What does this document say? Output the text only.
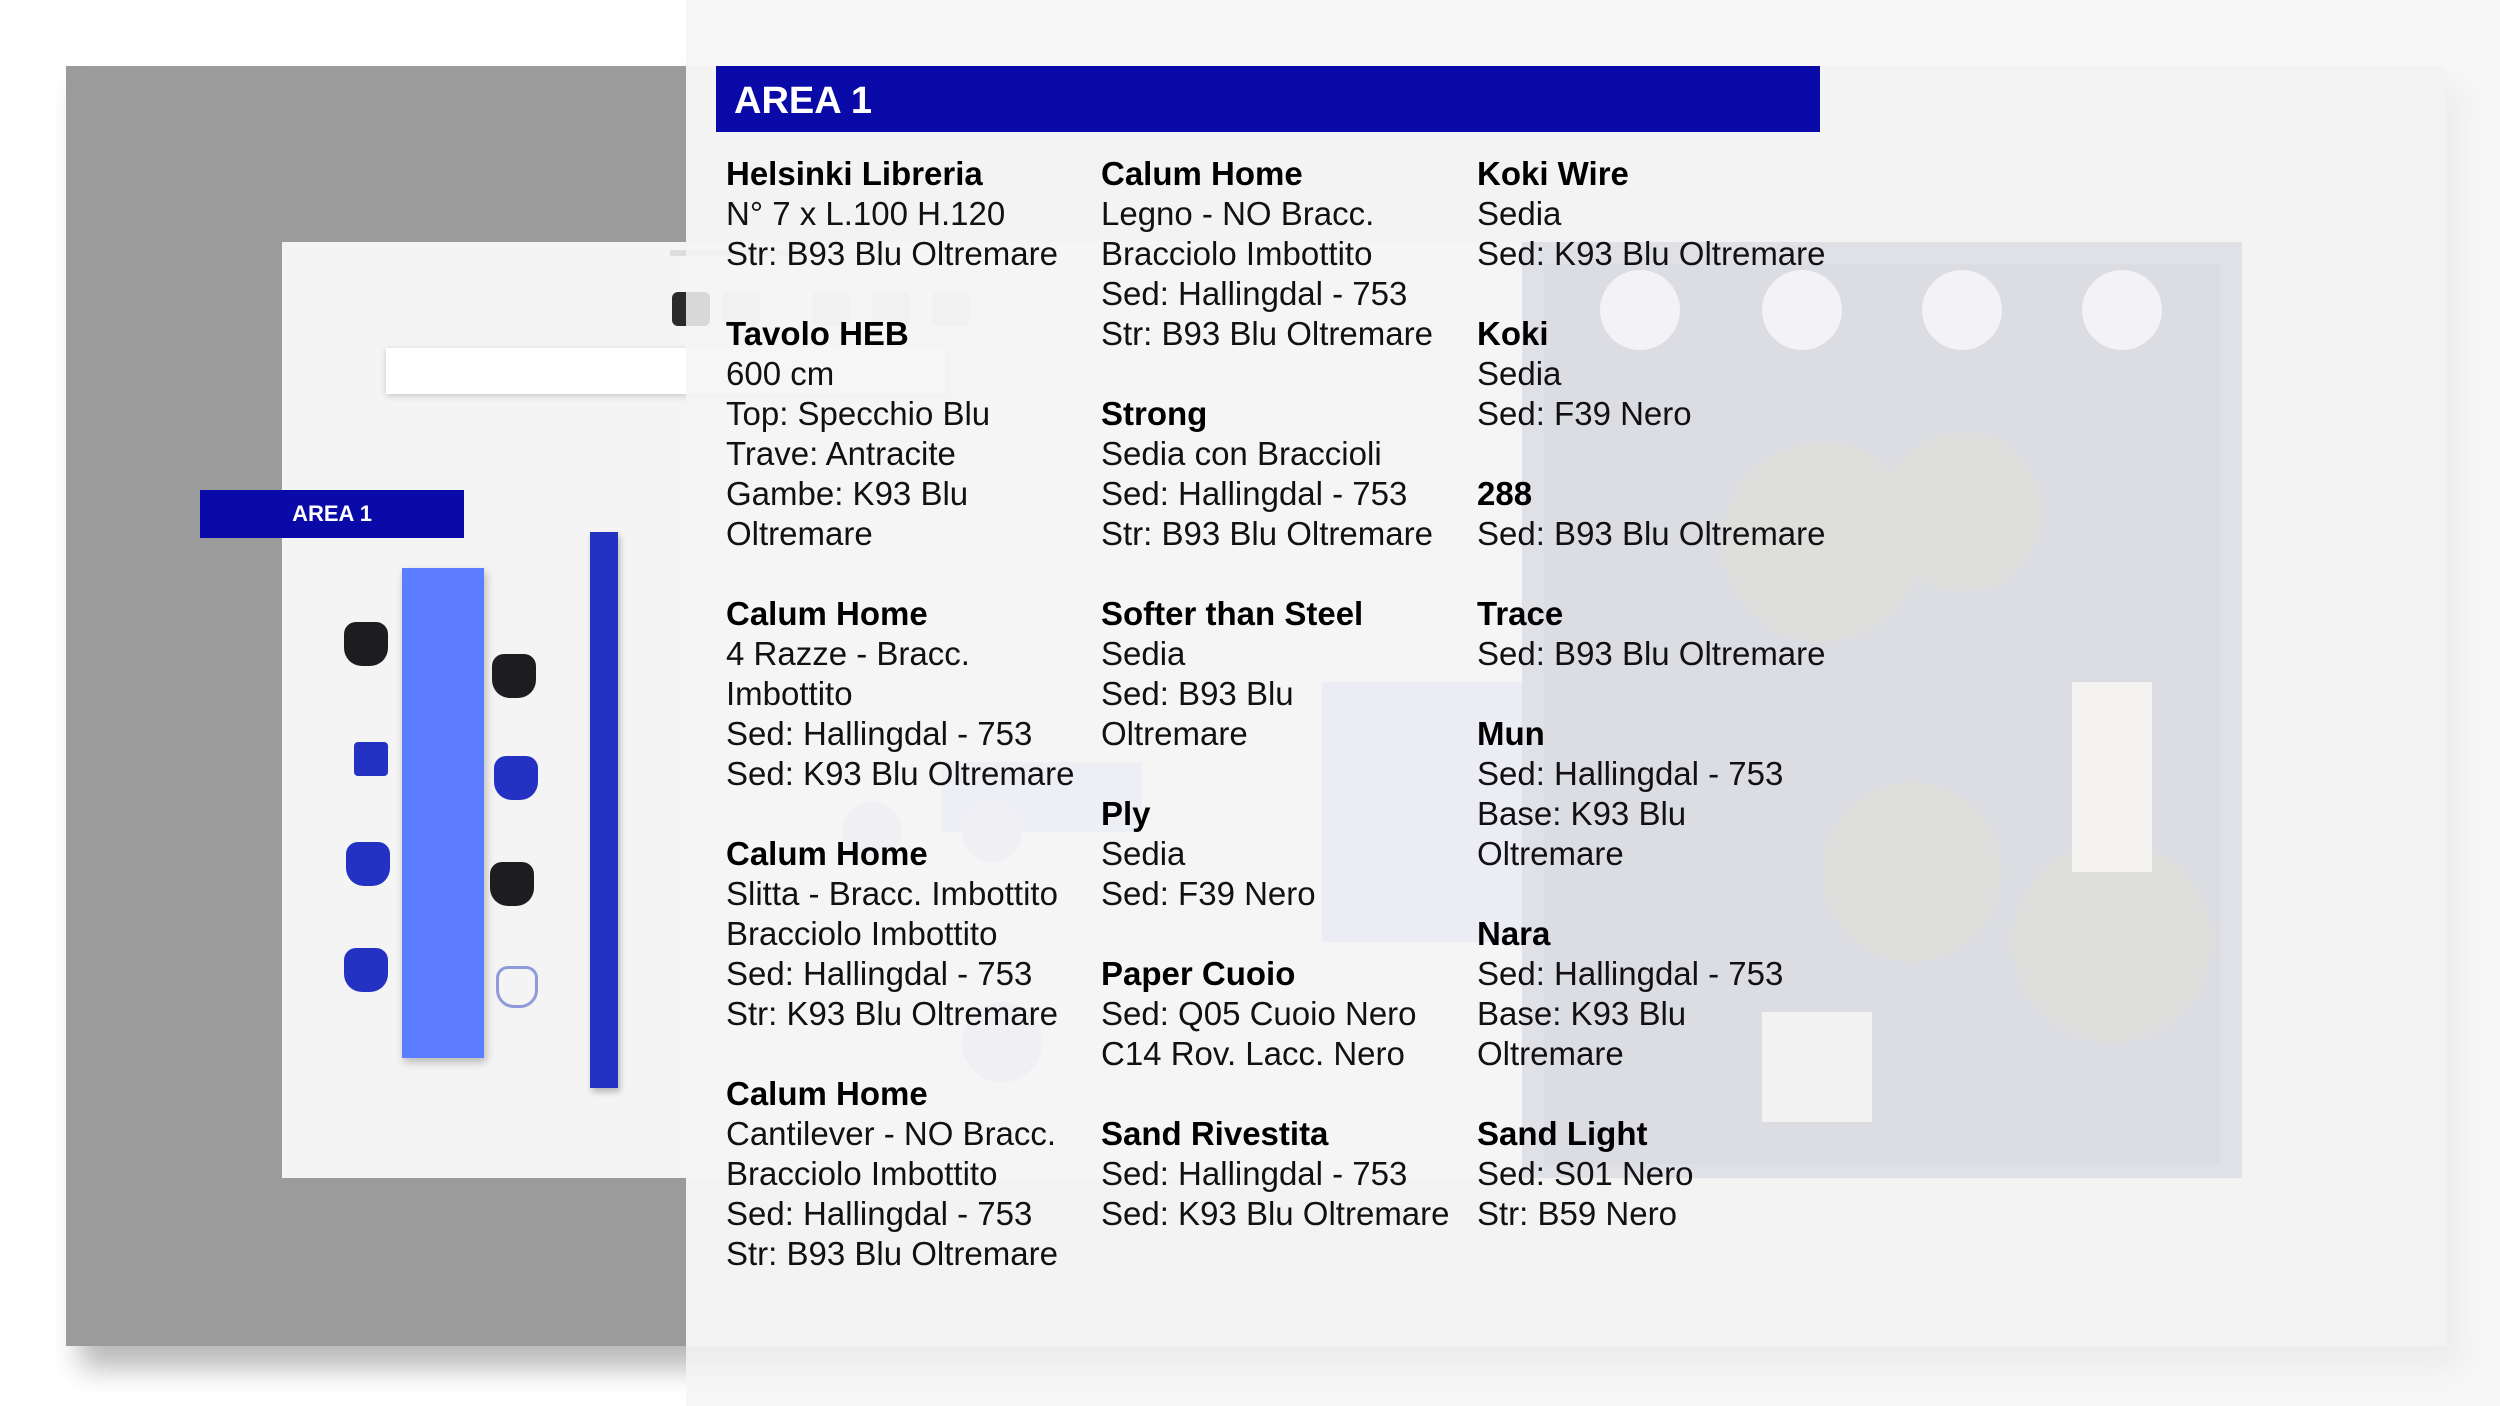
AREA 1
AREA 1
Helsinki Libreria
N° 7 x L.100 H.120
Str: B93 Blu Oltremare
Tavolo HEB
600 cm
Top: Specchio Blu
Trave: Antracite
Gambe: K93 Blu
Oltremare
Calum Home
4 Razze - Bracc.
Imbottito
Sed: Hallingdal - 753
Sed: K93 Blu Oltremare
Calum Home
Slitta - Bracc. Imbottito
Bracciolo Imbottito
Sed: Hallingdal - 753
Str: K93 Blu Oltremare
Calum Home
Cantilever - NO Bracc.
Bracciolo Imbottito
Sed: Hallingdal - 753
Str: B93 Blu Oltremare
Calum Home
Legno - NO Bracc.
Bracciolo Imbottito
Sed: Hallingdal - 753
Str: B93 Blu Oltremare
Strong
Sedia con Braccioli
Sed: Hallingdal - 753
Str: B93 Blu Oltremare
Softer than Steel
Sedia
Sed: B93 Blu
Oltremare
Ply
Sedia
Sed: F39 Nero
Paper Cuoio
Sed: Q05 Cuoio Nero
C14 Rov. Lacc. Nero
Sand Rivestita
Sed: Hallingdal - 753
Sed: K93 Blu Oltremare
Koki Wire
Sedia
Sed: K93 Blu Oltremare
Koki
Sedia
Sed: F39 Nero
288
Sed: B93 Blu Oltremare
Trace
Sed: B93 Blu Oltremare
Mun
Sed: Hallingdal - 753
Base: K93 Blu
Oltremare
Nara
Sed: Hallingdal - 753
Base: K93 Blu
Oltremare
Sand Light
Sed: S01 Nero
Str: B59 Nero
